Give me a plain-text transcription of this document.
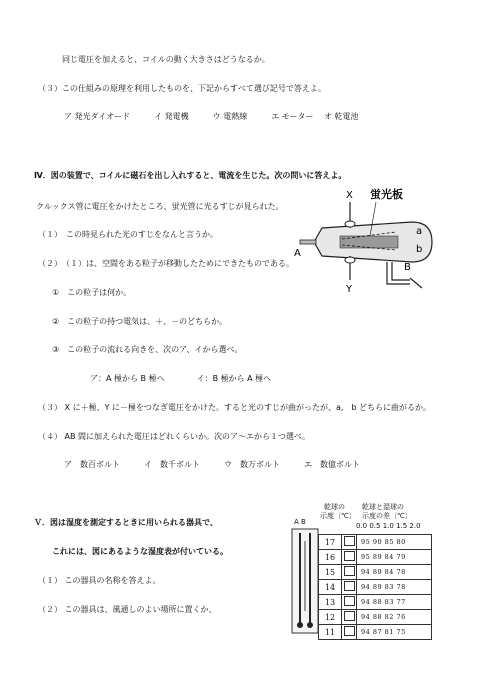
同じ電圧を加えると、コイルの動く大きさはどうなるか。
（３）この仕組みの原理を利用したものを、下記からすべて選び記号で答えよ。
ア 発光ダイオード　　　イ 発電機　　　ウ 電熱線　　　エ モーター　 オ 乾電池
Ⅳ．図の装置で、コイルに磁石を出し入れすると、電流を生じた。次の問いに答えよ。
クルックス管に電圧をかけたところ、蛍光管に光るすじが見られた。
（１）　この時見られた光のすじをなんと言うか。
（２）　（１）は、空間をある粒子が移動したためにできたものである。
①　この粒子は何か。
②　この粒子の持つ電気は、＋、－のどちらか。
③　この粒子の流れる向きを、次のア、イから選べ。
ア：A 極から B 極へ　　　　イ：B 極から A 極へ
（３） X に＋極、Y に－極をつなぎ電圧をかけた。すると光のすじが曲がったが、a,　b どちらに曲がるか。
（４） AB 間に加えられた電圧はどれくらいか。次のア～エから１つ選べ。
ア　数百ボルト　　　イ　数千ボルト　　　ウ　数万ボルト　　　エ　数億ボルト
蛍光板
X
Y
A
B
a
b
Ｖ．図は湿度を測定するときに用いられる器具で、
これには、図にあるような湿度表が付いている。
（１） この器具の名称を答えよ。
（２） この器具は、風通しのよい場所に置くか、
A B
乾球の
示度〔℃〕
乾球と湿球の
示度の差〔℃〕
0.0 0.5 1.0 1.5 2.0
17		95 90 85 80
16		95 89 84 79
15		94 89 84 78
14		94 89 83 78
13		94 88 83 77
12		94 88 82 76
11		94 87 81 75
